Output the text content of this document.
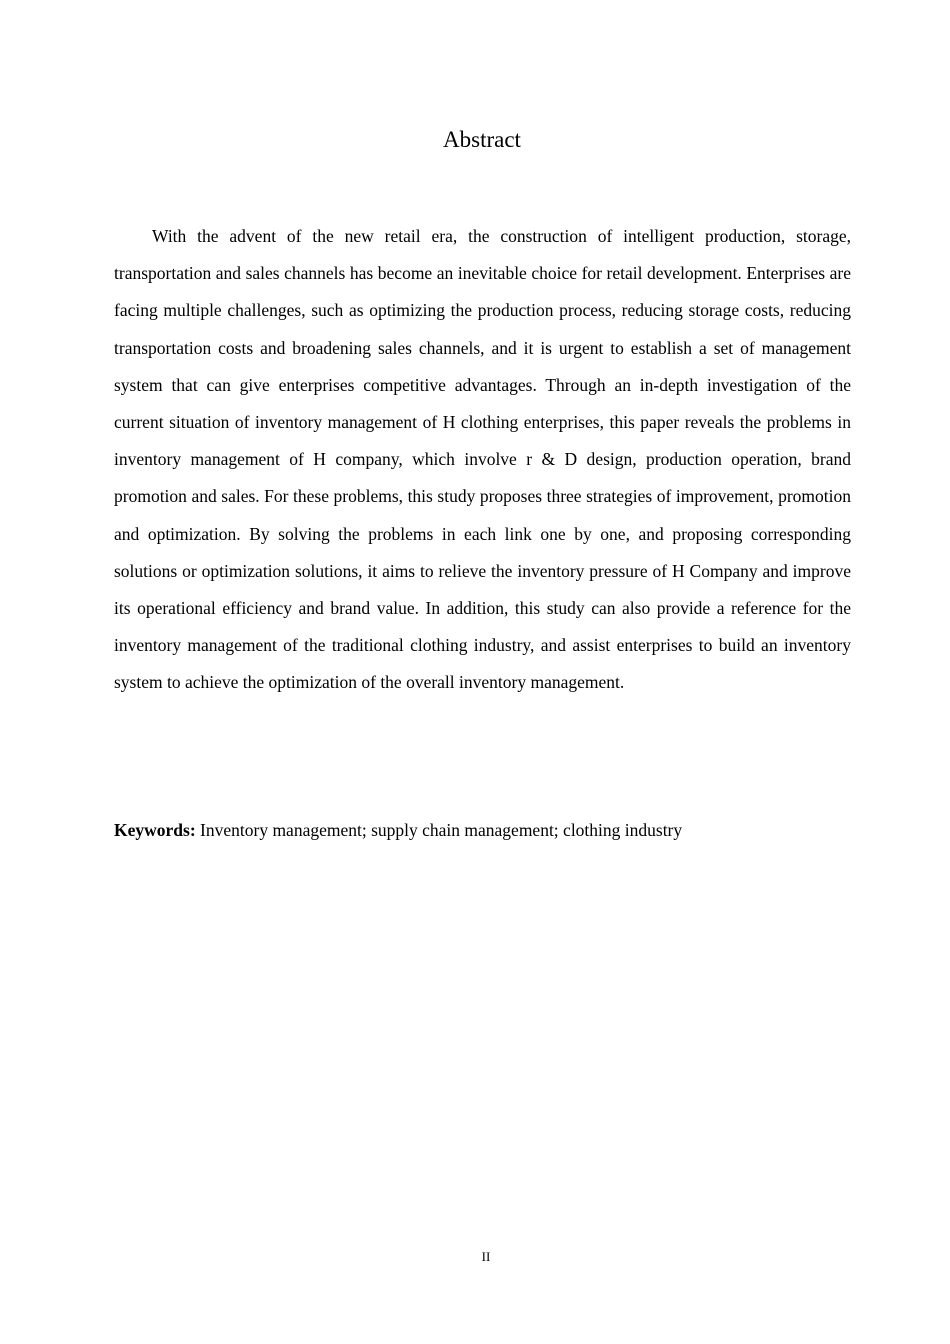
Abstract

With the advent of the new retail era, the construction of intelligent production, storage, transportation and sales channels has become an inevitable choice for retail development. Enterprises are facing multiple challenges, such as optimizing the production process, reducing storage costs, reducing transportation costs and broadening sales channels, and it is urgent to establish a set of management system that can give enterprises competitive advantages. Through an in-depth investigation of the current situation of inventory management of H clothing enterprises, this paper reveals the problems in inventory management of H company, which involve r & D design, production operation, brand promotion and sales. For these problems, this study proposes three strategies of improvement, promotion and optimization. By solving the problems in each link one by one, and proposing corresponding solutions or optimization solutions, it aims to relieve the inventory pressure of H Company and improve its operational efficiency and brand value. In addition, this study can also provide a reference for the inventory management of the traditional clothing industry, and assist enterprises to build an inventory system to achieve the optimization of the overall inventory management.

Keywords: Inventory management; supply chain management; clothing industry

II
